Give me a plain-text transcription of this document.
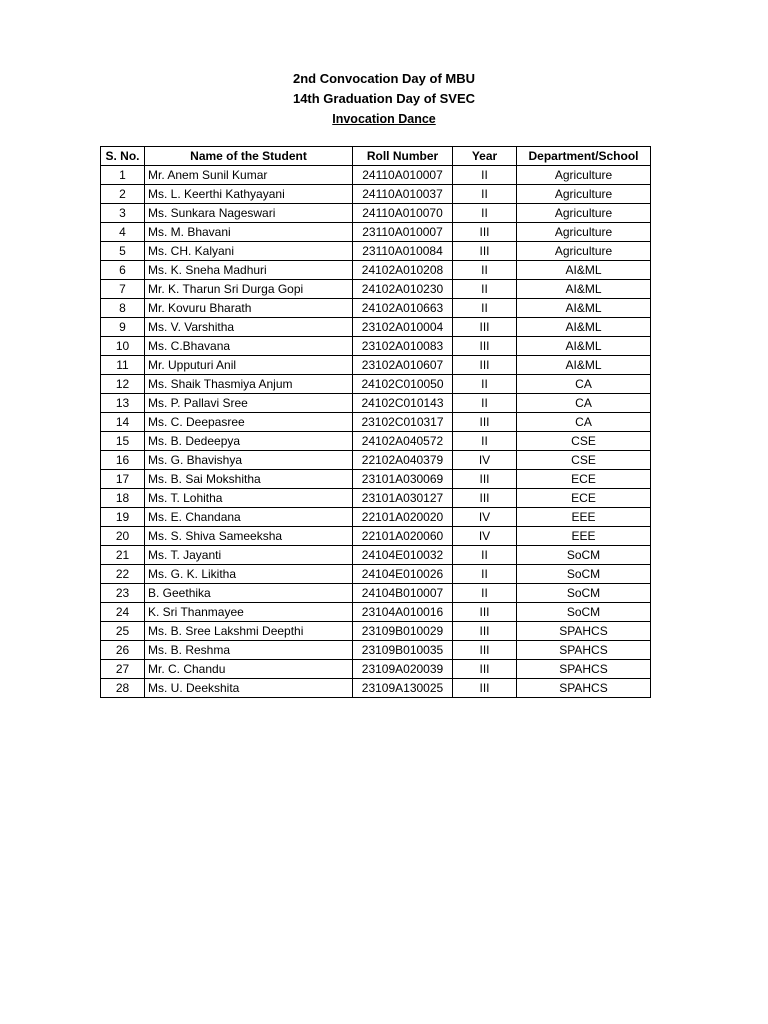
2nd Convocation Day of MBU
14th Graduation Day of SVEC
Invocation Dance
S. No.	Name of the Student	Roll Number	Year	Department/School
1	Mr. Anem Sunil Kumar	24110A010007	II	Agriculture
2	Ms. L. Keerthi Kathyayani	24110A010037	II	Agriculture
3	Ms. Sunkara Nageswari	24110A010070	II	Agriculture
4	Ms. M. Bhavani	23110A010007	III	Agriculture
5	Ms. CH. Kalyani	23110A010084	III	Agriculture
6	Ms. K. Sneha Madhuri	24102A010208	II	AI&ML
7	Mr. K. Tharun Sri Durga Gopi	24102A010230	II	AI&ML
8	Mr. Kovuru Bharath	24102A010663	II	AI&ML
9	Ms. V. Varshitha	23102A010004	III	AI&ML
10	Ms. C.Bhavana	23102A010083	III	AI&ML
11	Mr. Upputuri Anil	23102A010607	III	AI&ML
12	Ms. Shaik Thasmiya Anjum	24102C010050	II	CA
13	Ms. P. Pallavi Sree	24102C010143	II	CA
14	Ms. C. Deepasree	23102C010317	III	CA
15	Ms. B. Dedeepya	24102A040572	II	CSE
16	Ms. G. Bhavishya	22102A040379	IV	CSE
17	Ms. B. Sai Mokshitha	23101A030069	III	ECE
18	Ms. T. Lohitha	23101A030127	III	ECE
19	Ms. E. Chandana	22101A020020	IV	EEE
20	Ms. S. Shiva Sameeksha	22101A020060	IV	EEE
21	Ms. T. Jayanti	24104E010032	II	SoCM
22	Ms. G. K. Likitha	24104E010026	II	SoCM
23	B. Geethika	24104B010007	II	SoCM
24	K. Sri Thanmayee	23104A010016	III	SoCM
25	Ms. B. Sree Lakshmi Deepthi	23109B010029	III	SPAHCS
26	Ms. B. Reshma	23109B010035	III	SPAHCS
27	Mr. C. Chandu	23109A020039	III	SPAHCS
28	Ms. U. Deekshita	23109A130025	III	SPAHCS
